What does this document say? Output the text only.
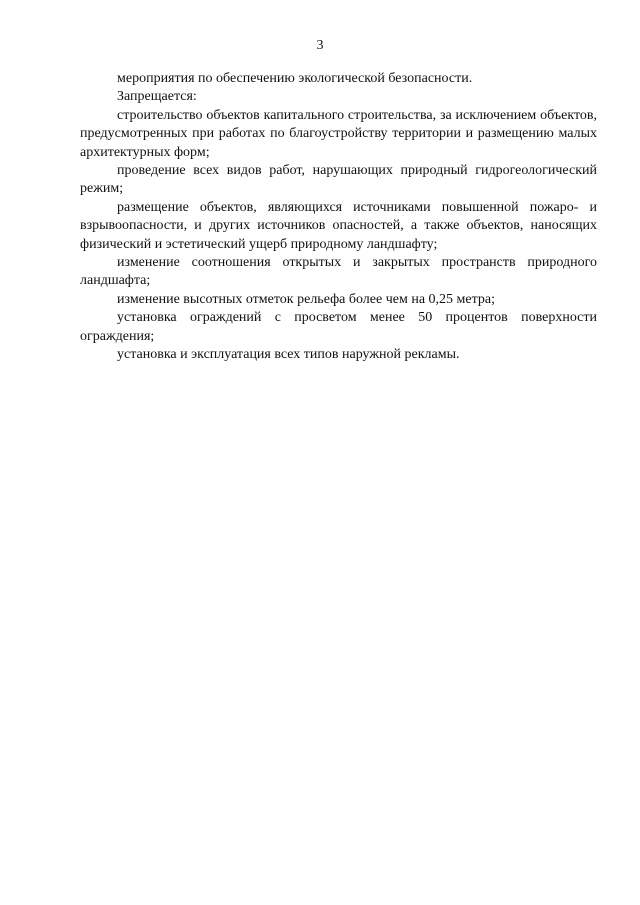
3

мероприятия по обеспечению экологической безопасности.

Запрещается:

строительство объектов капитального строительства, за исключением объектов, предусмотренных при работах по благоустройству территории и размещению малых архитектурных форм;

проведение всех видов работ, нарушающих природный гидрогеологический режим;

размещение объектов, являющихся источниками повышенной пожаро- и взрывоопасности, и других источников опасностей, а также объектов, наносящих физический и эстетический ущерб природному ландшафту;

изменение соотношения открытых и закрытых пространств природного ландшафта;

изменение высотных отметок рельефа более чем на 0,25 метра;

установка ограждений с просветом менее 50 процентов поверхности ограждения;

установка и эксплуатация всех типов наружной рекламы.
